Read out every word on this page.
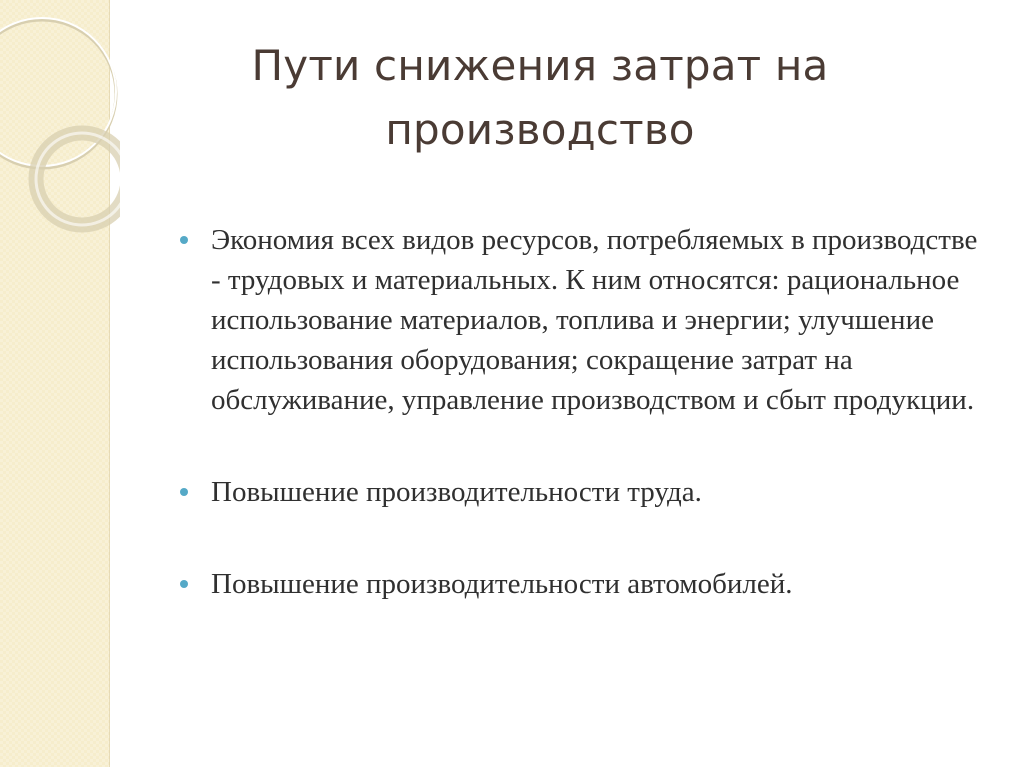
Пути снижения затрат на производство

Экономия всех видов ресурсов, потребляемых в производстве - трудовых и материальных. К ним относятся: рациональное использование материалов, топлива и энергии; улучшение использования оборудования; сокращение затрат на обслуживание, управление производством и сбыт продукции.

Повышение производительности труда.

Повышение производительности автомобилей.
